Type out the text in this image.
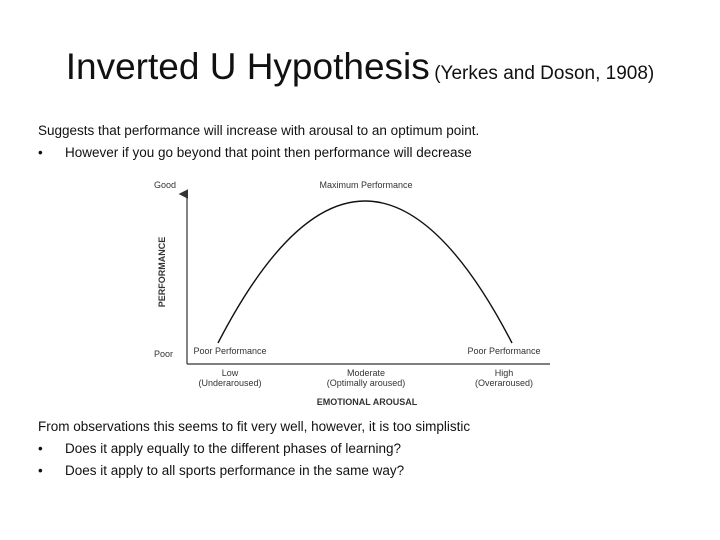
Inverted U Hypothesis (Yerkes and Doson, 1908)
Suggests that performance will increase with arousal to an optimum point.
• However if you go beyond that point then performance will decrease
Good
Poor
PERFORMANCE
Maximum Performance
Poor Performance	Poor Performance
Low
(Underaroused)
Moderate
(Optimally aroused)
High
(Overaroused)
EMOTIONAL AROUSAL
From observations this seems to fit very well, however, it is too simplistic
• Does it apply equally to the different phases of learning?
• Does it apply to all sports performance in the same way?
